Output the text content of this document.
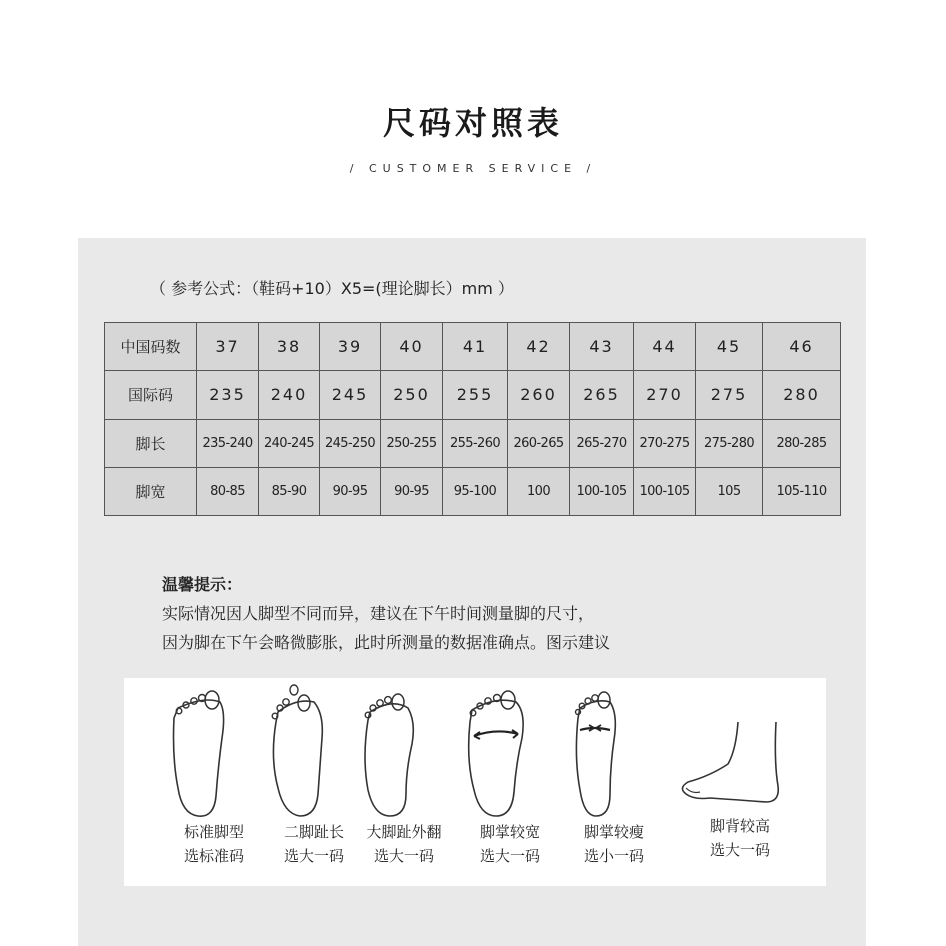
尺码对照表
/ CUSTOMER SERVICE /
（ 参考公式：（鞋码+10）X5=(理论脚长）mm ）
中国码数	37	38	39	40	41	42	43	44	45	46
国际码	235	240	245	250	255	260	265	270	275	280
脚长	235-240	240-245	245-250	250-255	255-260	260-265	265-270	270-275	275-280	280-285
脚宽	80-85	85-90	90-95	90-95	95-100	100	100-105	100-105	105	105-110
温馨提示：
实际情况因人脚型不同而异，建议在下午时间测量脚的尺寸，
因为脚在下午会略微膨胀，此时所测量的数据准确点。图示建议
标准脚型
选标准码
二脚趾长
选大一码
大脚趾外翻
选大一码
脚掌较宽
选大一码
脚掌较瘦
选小一码
脚背较高
选大一码
